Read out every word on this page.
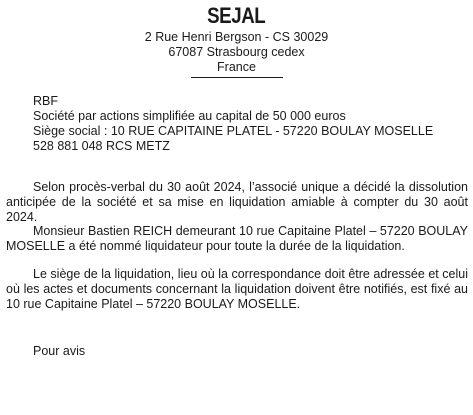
SEJAL
2 Rue Henri Bergson - CS 30029
67087 Strasbourg cedex
France
RBF
Société par actions simplifiée au capital de 50 000 euros
Siège social : 10 RUE CAPITAINE PLATEL - 57220 BOULAY MOSELLE
528 881 048 RCS METZ

Selon procès-verbal du 30 août 2024, l’associé unique a décidé la dissolution anticipée de la société et sa mise en liquidation amiable à compter du 30 août 2024.

Monsieur Bastien REICH demeurant 10 rue Capitaine Platel – 57220 BOULAY MOSELLE a été nommé liquidateur pour toute la durée de la liquidation.

Le siège de la liquidation, lieu où la correspondance doit être adressée et celui où les actes et documents concernant la liquidation doivent être notifiés, est fixé au 10 rue Capitaine Platel – 57220 BOULAY MOSELLE.

Pour avis
